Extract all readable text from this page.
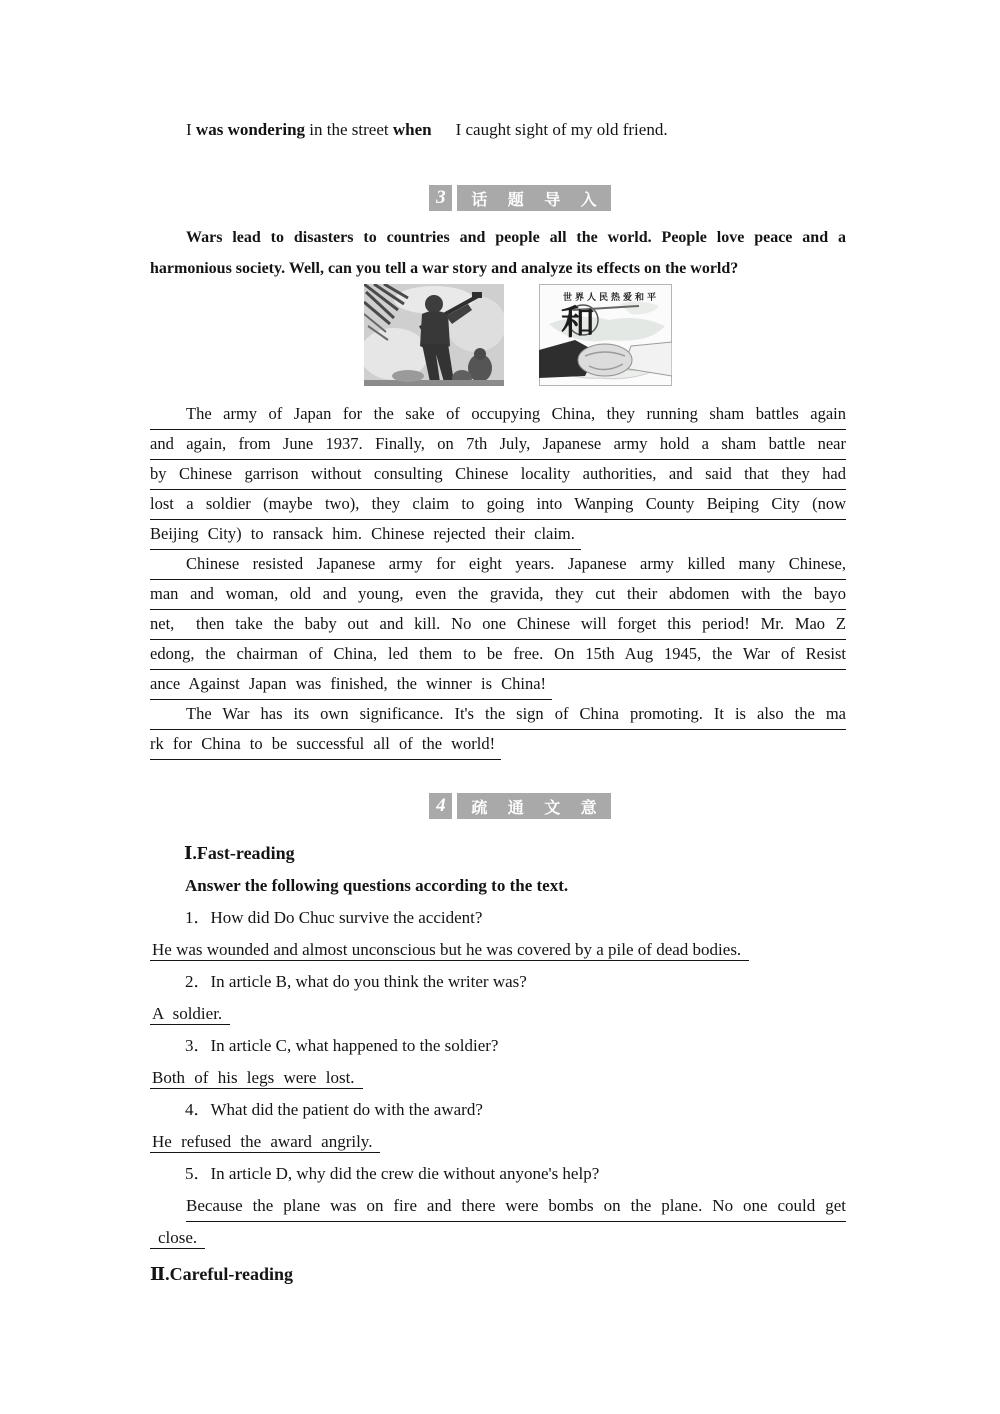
I was wondering in the street when I caught sight of my old friend.

3	话 题 导 入
Wars lead to disasters to countries and people all the world. People love peace and a
harmonious society. Well, can you tell a war story and analyze its effects on the world?
世界人民热爱和平
和
The army of Japan for the sake of occupying China, they running sham battles again
and again, from June 1937. Finally, on 7th July, Japanese army hold a sham battle near
by Chinese garrison without consulting Chinese locality authorities, and said that they had
lost a soldier (maybe two), they claim to going into Wanping County Beiping City (now
Beijing City) to ransack him. Chinese rejected their claim.
Chinese resisted Japanese army for eight years. Japanese army killed many Chinese,
man and woman, old and young, even the gravida, they cut their abdomen with the bayo
net,  then take the baby out and kill. No one Chinese will forget this period! Mr. Mao Z
edong, the chairman of China, led them to be free. On 15th Aug 1945, the War of Resist
ance Against Japan was finished, the winner is China!
The War has its own significance. It's the sign of China promoting. It is also the ma
rk for China to be successful all of the world!
4	疏 通 文 意
Ⅰ.Fast-reading
Answer the following questions according to the text.
1．How did Do Chuc survive the accident?
He was wounded and almost unconscious but he was covered by a pile of dead bodies.
2．In article B, what do you think the writer was?
A soldier.
3．In article C, what happened to the soldier?
Both of his legs were lost.
4．What did the patient do with the award?
He refused the award angrily.
5．In article D, why did the crew die without anyone's help?
Because the plane was on fire and there were bombs on the plane. No one could get
close.
Ⅱ.Careful-reading
